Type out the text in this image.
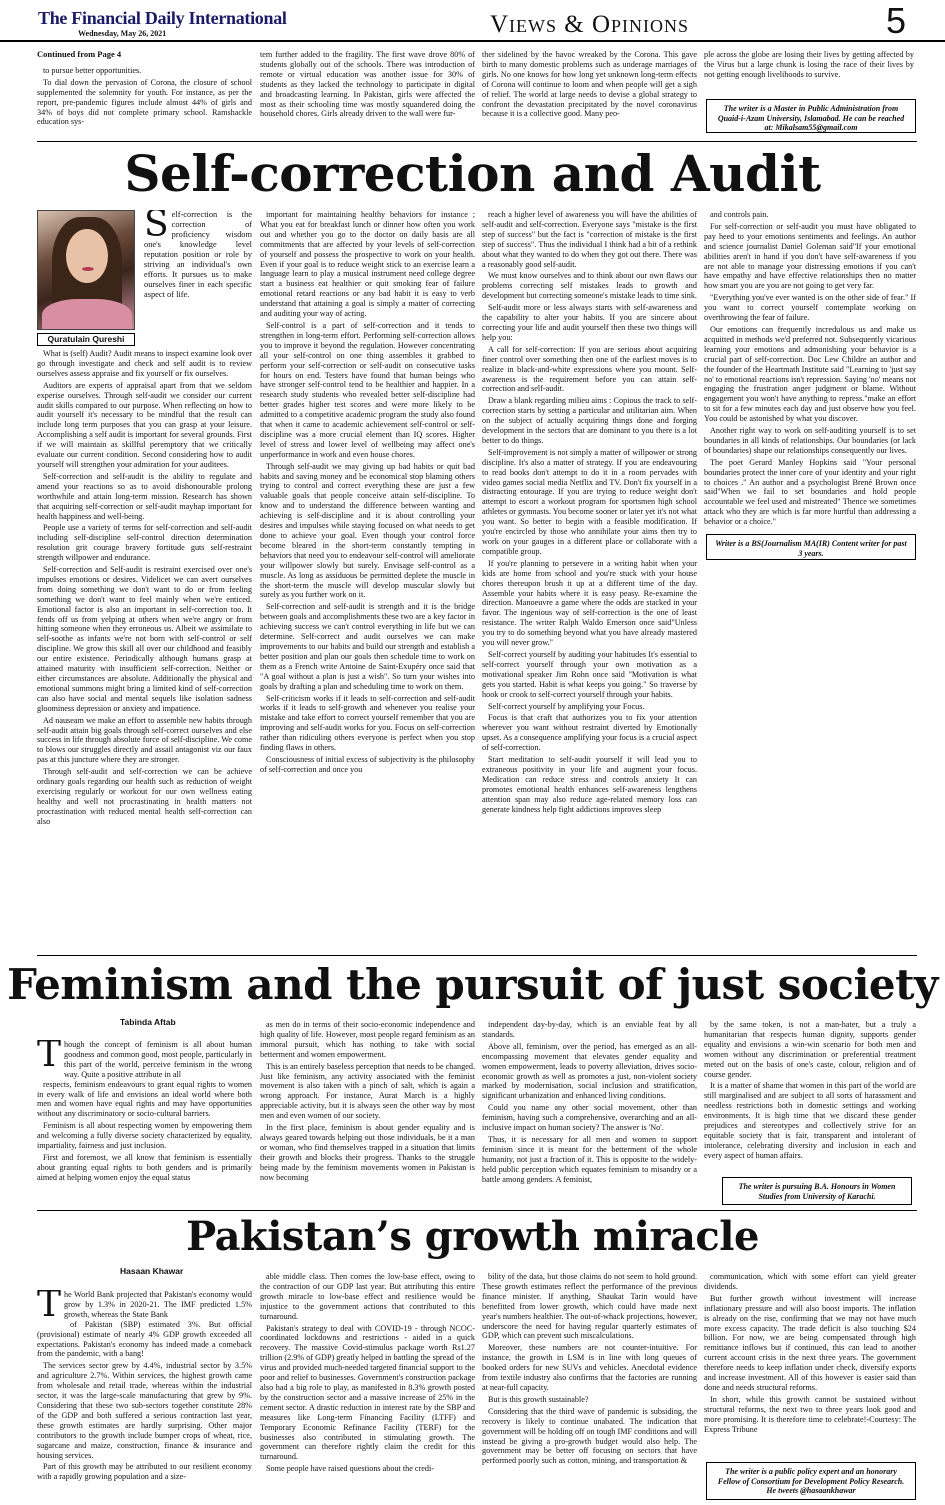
The Financial Daily International
Wednesday, May 26, 2021	Views & Opinions	5
Continued from Page 4

to pursue better opportunities.

To dial down the pervasion of Corona, the closure of school supplemented the solemnity for youth. For instance, as per the report, pre-pandemic figures include almost 44% of girls and 34% of boys did not complete primary school. Ramshackle education sys-

tem further added to the fragility. The first wave drove 80% of students globally out of the schools. There was introduction of remote or virtual education was another issue for 30% of students as they lacked the technology to participate in digital and broadcasting learning. In Pakistan, girls were affected the most as their schooling time was mostly squandered doing the household chores. Girls already driven to the wall were fur-

ther sidelined by the havoc wreaked by the Corona. This gave birth to many domestic problems such as underage marriages of girls. No one knows for how long yet unknown long-term effects of Corona will continue to loom and when people will get a sigh of relief. The world at large needs to devise a global strategy to confront the devastation precipitated by the novel coronavirus because it is a collective good. Many peo-

ple across the globe are losing their lives by getting affected by the Virus but a large chunk is losing the race of their lives by not getting enough livelihoods to survive.

The writer is a Master in Public Administration from Quaid-i-Azam University, Islamabad. He can be reached at: Mikalsam55@gmail.com
Self-correction and Audit
Quratulain Qureshi
S elf-correction is the correction of proficiency wisdom one's knowledge level reputation position or role by striving an individual's own efforts. It pursues us to make ourselves finer in each specific aspect of life.

What is (self) Audit? Audit means to inspect examine look over go through investigate and check and self audit is to review ourselves assess appraise and fix yourself or fix ourselves.

Auditors are experts of appraisal apart from that we seldom experise ourselves. Through self-audit we consider our current audit skills compared to our purpose. When reflecting on how to audit yourself it's necessary to be mindful that the result can include long term purposes that you can grasp at your leisure. Accomplishing a self audit is important for several grounds. First if we will maintain as skillful peremptory that we critically evaluate our current condition. Second considering how to audit yourself will strengthen your admiration for your auditees.

Self-correction and self-audit is the ability to regulate and amend your reactions so as to avoid dishonourable prolong worthwhile and attain long-term mission. Research has shown that acquiring self-correction or self-audit mayhap important for health happiness and well-being.

People use a variety of terms for self-correction and self-audit including self-discipline self-control direction determination resolution grit courage bravery fortitude guts self-restraint strength willpower and endurance.

Self-correction and Self-audit is restraint exercised over one's impulses emotions or desires. Videlicet we can avert ourselves from doing something we don't want to do or from feeling something we don't want to feel mainly when we're enticed. Emotional factor is also an important in self-correction too. It fends off us from yelping at others when we're angry or from hitting someone when they erroneous us. Albeit we assimilate to self-soothe as infants we're not born with self-control or self discipline. We grow this skill all over our childhood and feasibly our entire existence. Periodically although humans grasp at attained maturity with insufficient self-correction. Neither or either circumstances are absolute. Additionally the physical and emotional summons might bring a limited kind of self-correction can also have social and mental sequels like isolation sadness gloominess depression or anxiety and impatience.

Ad nauseam we make an effort to assemble new habits through self-audit attain big goals through self-correct ourselves and else success in life through absolute force of self-discipline. We come to blows our struggles directly and assail antagonist viz our faux pas at this juncture where they are stronger.

Through self-audit and self-correction we can be achieve ordinary goals regarding our health such as reduction of weight exercising regularly or workout for our own wellness eating healthy and well not procrastinating in health matters not procrastination with reduced mental health self-correction can also

important for maintaining healthy behaviors for instance ; What you eat for breakfast lunch or dinner how often you work out and whether you go to the doctor on daily basis are all commitments that are affected by your levels of self-correction of yourself and possess the prospective to work on your health. Even if your goal is to reduce weight stick to an exercise learn a language learn to play a musical instrument need college degree start a business eat healthier or quit smoking fear of failure emotional retard reactions or any bad habit it is easy to verb understand that attaining a goal is simply a matter of correcting and auditing your way of acting.

Self-control is a part of self-correction and it tends to strengthen in long-term effort. Performing self-correction allows you to improve it beyond the regulation. However concentrating all your self-control on one thing assembles it grabbed to perform your self-correction or self-audit on consecutive tasks for hours on end. Testers have found that human beings who have stronger self-control tend to be healthier and happier. In a research study students who revealed better self-discipline had better grades higher test scores and were more likely to be admitted to a competitive academic program the study also found that when it came to academic achievement self-control or self-discipline was a more crucial element than IQ scores. Higher level of stress and lower level of wellbeing may affect one's unperformance in work and even house chores.

Through self-audit we may giving up bad habits or quit bad habits and saving money and be economical stop blaming others trying to control and correct everything these are just a few valuable goals that people conceive attain self-discipline. To know and to understand the difference between wanting and achieving is self-discipline and it is about controlling your desires and impulses while staying focused on what needs to get done to achieve your goal. Even though your control force become bleared in the short-term constantly tempting in behaviors that need you to endeavour self-control will ameliorate your willpower slowly but surely. Envisage self-control as a muscle. As long as assiduous be permitted deplete the muscle in the short-term the muscle will develop muscular slowly but surely as you further work on it.

Self-correction and self-audit is strength and it is the bridge between goals and accomplishments these two are a key factor in achieving success we can't control everything in life but we can determine. Self-correct and audit ourselves we can make improvements to our habits and build our strength and establish a better position and plan our goals then schedule time to work on them as a French write Antoine de Saint-Exupéry once said that "A goal without a plan is just a wish". So turn your wishes into goals by drafting a plan and scheduling time to work on them.

Self-criticism works if it leads to self-correction and self-audit works if it leads to self-growth and whenever you realise your mistake and take effort to correct yourself remember that you are improving and self-audit works for you. Focus on self-correction rather than ridiculing others everyone is perfect when you stop finding flaws in others.

Consciousness of initial excess of subjectivity is the philosophy of self-correction and once you

reach a higher level of awareness you will have the abilities of self-audit and self-correction. Everyone says "mistake is the first step of success" but the fact is "correction of mistake is the first step of success". Thus the individual I think had a bit of a rethink about what they wanted to do when they got out there. There was a reasonably good self-audit.

We must know ourselves and to think about our own flaws our problems correcting self mistakes leads to growth and development but correcting someone's mistake leads to time sink.

Self-audit more or less always starts with self-awareness and the capability to alter your habits. If you are sincere about correcting your life and audit yourself then these two things will help you:

A call for self-correction: If you are serious about acquiring finer control over something then one of the earliest moves is to realize in black-and-white expressions where you mount. Self-awareness is the requirement before you can attain self-correction and self-audit.

Draw a blank regarding milieu aims : Copious the track to self-correction starts by setting a particular and utilitarian aim. When on the subject of actually acquiring things done and forging development in the sectors that are dominant to you there is a lot better to do things.

Self-improvement is not simply a matter of willpower or strong discipline. It's also a matter of strategy. If you are endeavouring to read books don't attempt to do it in a room pervades with video games social media Netflix and TV. Don't fix yourself in a distracting entourage. If you are trying to reduce weight don't attempt to escort a workout program for sportsmen high school athletes or gymnasts. You become sooner or later yet it's not what you want. So better to begin with a feasible modification. If you're encircled by those who annihilate your aims then try to work on your gauges in a different place or collaborate with a compatible group.

If you're planning to persevere in a writing habit when your kids are home from school and you're stuck with your house chores thereupon brush it up at a different time of the day. Assemble your habits where it is easy peasy. Re-examine the direction. Manoeuvre a game where the odds are stacked in your favor. The ingenious way of self-correction is the one of least resistance. The writer Ralph Waldo Emerson once said"Unless you try to do something beyond what you have already mastered you will never grow."

Self-correct yourself by auditing your habitudes It's essential to self-correct yourself through your own motivation as a motivational speaker Jim Rohn once said "Motivation is what gets you started. Habit is what keeps you going." So traverse by hook or crook to self-correct yourself through your habits.

Self-correct yourself by amplifying your Focus.

Focus is that craft that authorizes you to fix your attention wherever you want without restraint diverted by Emotionally upset. As a consequence amplifying your focus is a crucial aspect of self-correction.

Start meditation to self-audit yourself it will lead you to extraneous positivity in your life and augment your focus. Medication can reduce stress and controls anxiety It can promotes emotional health enhances self-awareness lengthens attention span may also reduce age-related memory loss can generate kindness help fight addictions improves sleep

and controls pain.

For self-correction or self-audit you must have obligated to pay heed to your emotions sentiments and feelings. An author and science journalist Daniel Goleman said"If your emotional abilities aren't in hand if you don't have self-awareness if you are not able to manage your distressing emotions if you can't have empathy and have effective relationships then no matter how smart you are you are not going to get very far.

"Everything you've ever wanted is on the other side of fear." If you want to correct yourself contemplate working on overthrowing the fear of failure.

Our emotions can frequently incredulous us and make us acquitted in methods we'd preferred not. Subsequently vicarious learning your emotions and admonishing your behavior is a crucial part of self-correction. Doc Lew Childre an author and the founder of the Heartmath Institute said "Learning to 'just say no' to emotional reactions isn't repression. Saying 'no' means not engaging the frustration anger judgment or blame. Without engagement you won't have anything to repress."make an effort to sit for a few minutes each day and just observe how you feel. You could be astonished by what you discover.

Another right way to work on self-auditing yourself is to set boundaries in all kinds of relationships. Our boundaries (or lack of boundaries) shape our relationships consequently our lives.

The poet Gerard Manley Hopkins said "Your personal boundaries protect the inner core of your identity and your right to choices ." An author and a psychologist Brené Brown once said"When we fail to set boundaries and hold people accountable we feel used and mistreated" Thence we sometimes attack who they are which is far more hurtful than addressing a behavior or a choice."

Writer is a BS(Journalism MA(IR) Content writer for past 3 years.
Feminism and the pursuit of just society
Tabinda Aftab
T hough the concept of feminism is all about human goodness and common good, most people, particularly in this part of the world, perceive feminism in the wrong way. Quite a positive attribute in all

respects, feminism endeavours to grant equal rights to women in every walk of life and envisions an ideal world where both men and women have equal rights and may have opportunities without any discriminatory or socio-cultural barriers.

Feminism is all about respecting women by empowering them and welcoming a fully diverse society characterized by equality, impartiality, fairness and just inclusion.

First and foremost, we all know that feminism is essentially about granting equal rights to both genders and is primarily aimed at helping women enjoy the equal status

as men do in terms of their socio-economic independence and high quality of life. However, most people regard feminism as an immoral pursuit, which has nothing to take with social betterment and women empowerment.

This is an entirely baseless perception that needs to be changed. Just like feminism, any activity associated with the feminist movement is also taken with a pinch of salt, which is again a wrong approach. For instance, Aurat March is a highly appreciable activity, but it is always seen the other way by most men and even women of our society.

In the first place, feminism is about gender equality and is always geared towards helping out those individuals, be it a man or woman, who find themselves trapped in a situation that limits their growth and blocks their progress. Thanks to the struggle being made by the feminism movements women in Pakistan is now becoming

independent day-by-day, which is an enviable feat by all standards.

Above all, feminism, over the period, has emerged as an all-encompassing movement that elevates gender equality and women empowerment, leads to poverty alleviation, drives socio-economic growth as well as promotes a just, non-violent society marked by modernisation, social inclusion and stratification, significant urbanization and enhanced living conditions.

Could you name any other social movement, other than feminism, having such a comprehensive, overarching and an all-inclusive impact on human society? The answer is 'No'.

Thus, it is necessary for all men and women to support feminism since it is meant for the betterment of the whole humanity, not just a fraction of it. This is opposite to the widely-held public perception which equates feminism to misandry or a battle among genders. A feminist,

by the same token, is not a man-hater, but a truly a humanitarian that respects human dignity, supports gender equality and envisions a win-win scenario for both men and women without any discrimination or preferential treatment meted out on the basis of one's caste, colour, religion and of course gender.

It is a matter of shame that women in this part of the world are still marginalised and are subject to all sorts of harassment and needless restrictions both in domestic settings and working environments. It is high time that we discard these gender prejudices and stereotypes and collectively strive for an equitable society that is fair, transparent and intolerant of intolerance, celebrating diversity and inclusion in each and every aspect of human affairs.

The writer is pursuing B.A. Honours in Women Studies from University of Karachi.
Pakistan’s growth miracle
Hasaan Khawar
T he World Bank projected that Pakistan's economy would grow by 1.3% in 2020-21. The IMF predicted 1.5% growth, whereas the State Bank

of Pakistan (SBP) estimated 3%. But official (provisional) estimate of nearly 4% GDP growth exceeded all expectations. Pakistan's economy has indeed made a comeback from the pandemic, with a bang!

The services sector grew by 4.4%, industrial sector by 3.5% and agriculture 2.7%. Within services, the highest growth came from wholesale and retail trade, whereas within the industrial sector, it was the large-scale manufacturing that grew by 9%. Considering that these two sub-sectors together constitute 28% of the GDP and both suffered a serious contraction last year, these growth estimates are hardly surprising. Other major contributors to the growth include bumper crops of wheat, rice, sugarcane and maize, construction, finance & insurance and housing services.

Part of this growth may be attributed to our resilient economy with a rapidly growing population and a size-

able middle class. Then comes the low-base effect, owing to the contraction of our GDP last year. But attributing this entire growth miracle to low-base effect and resilience would be injustice to the government actions that contributed to this turnaround.

Pakistan's strategy to deal with COVID-19 - through NCOC-coordinated lockdowns and restrictions - aided in a quick recovery. The massive Covid-stimulus package worth Rs1.27 trillion (2.9% of GDP) greatly helped in battling the spread of the virus and provided much-needed targeted financial support to the poor and relief to businesses. Government's construction package also had a big role to play, as manifested in 8.3% growth posted by the construction sector and a massive increase of 25% in the cement sector. A drastic reduction in interest rate by the SBP and measures like Long-term Financing Facility (LTFF) and Temporary Economic Refinance Facility (TERF) for the businesses also contributed in stimulating growth. The government can therefore rightly claim the credit for this turnaround.

Some people have raised questions about the credi-

bility of the data, but those claims do not seem to hold ground. These growth estimates reflect the performance of the previous finance minister. If anything, Shaukat Tarin would have benefitted from lower growth, which could have made next year's numbers healthier. The out-of-whack projections, however, underscore the need for having regular quarterly estimates of GDP, which can prevent such miscalculations.

Moreover, these numbers are not counter-intuitive. For instance, the growth in LSM is in line with long queues of booked orders for new SUVs and vehicles. Anecdotal evidence from textile industry also confirms that the factories are running at near-full capacity.

But is this growth sustainable?

Considering that the third wave of pandemic is subsiding, the recovery is likely to continue unabated. The indication that government will be holding off on tough IMF conditions and will instead be giving a pro-growth budget would also help. The government may be better off focusing on sectors that have performed poorly such as cotton, mining, and transportation &

communication, which with some effort can yield greater dividends.

But further growth without investment will increase inflationary pressure and will also boost imports. The inflation is already on the rise, confirming that we may not have much more excess capacity. The trade deficit is also touching $24 billion. For now, we are being compensated through high remittance inflows but if continued, this can lead to another current account crisis in the next three years. The government therefore needs to keep inflation under check, diversify exports and increase investment. All of this however is easier said than done and needs structural reforms.

In short, while this growth cannot be sustained without structural reforms, the next two to three years look good and more promising. It is therefore time to celebrate!-Courtesy: The Express Tribune

The writer is a public policy expert and an honorary Fellow of Consortium for Development Policy Research. He tweets @hasaankhawar
